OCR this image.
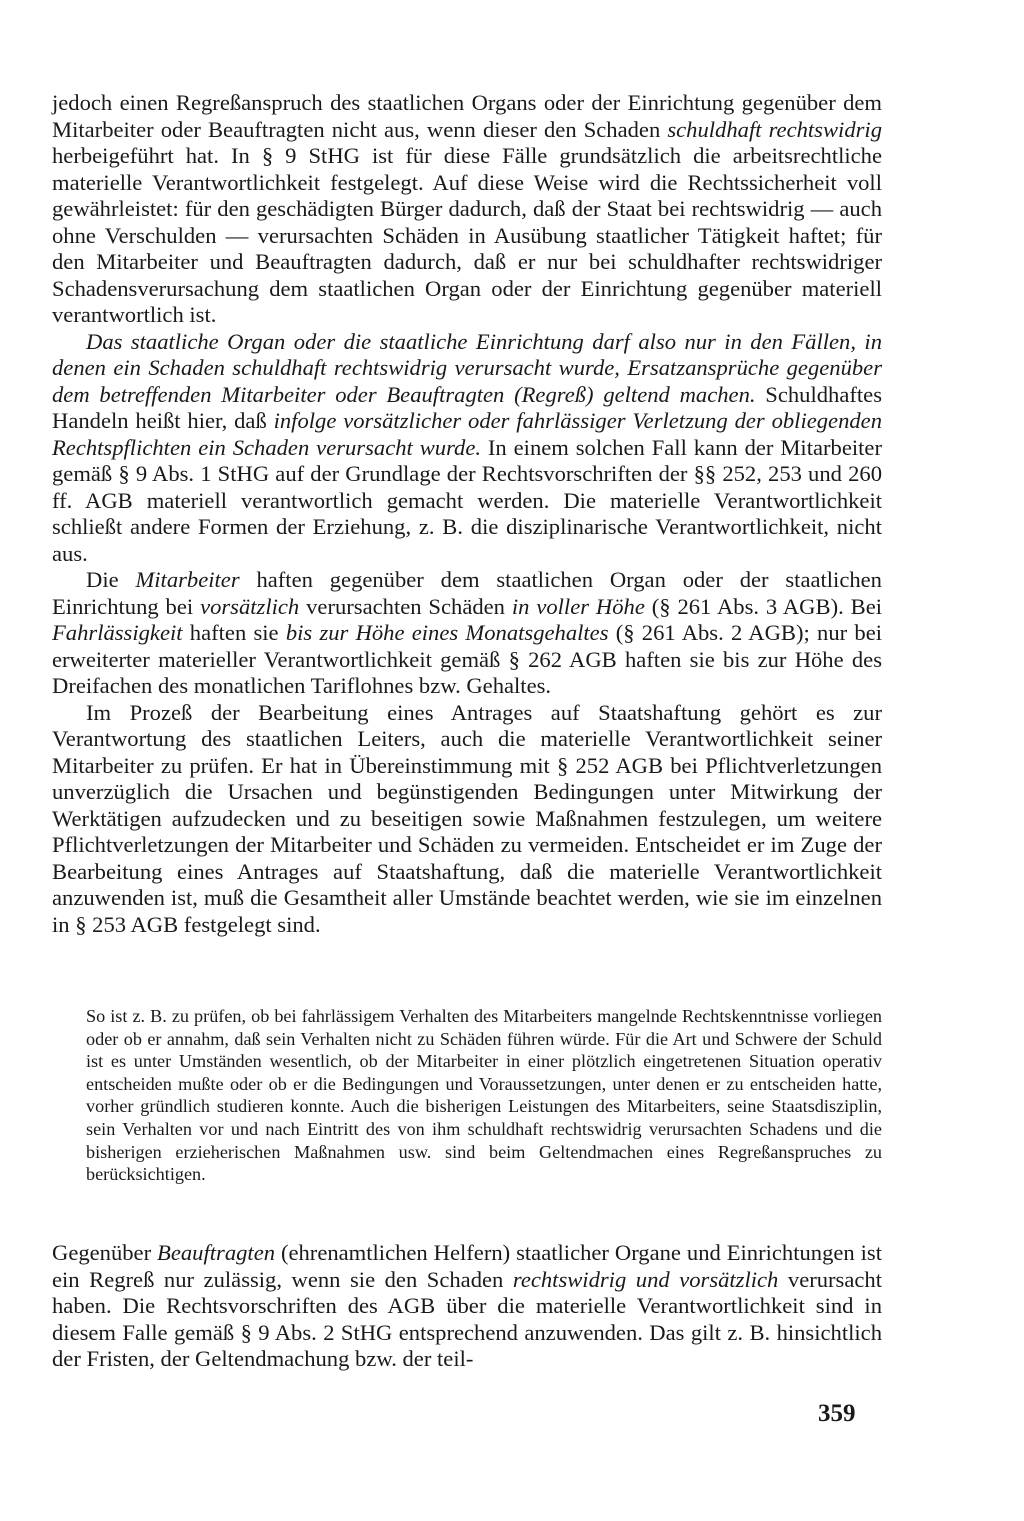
jedoch einen Regreßanspruch des staatlichen Organs oder der Einrichtung gegenüber dem Mitarbeiter oder Beauftragten nicht aus, wenn dieser den Schaden schuldhaft rechtswidrig herbeigeführt hat. In § 9 StHG ist für diese Fälle grundsätzlich die arbeitsrechtliche materielle Verantwortlichkeit festgelegt. Auf diese Weise wird die Rechtssicherheit voll gewährleistet: für den geschädigten Bürger dadurch, daß der Staat bei rechtswidrig — auch ohne Verschulden — verursachten Schäden in Ausübung staatlicher Tätigkeit haftet; für den Mitarbeiter und Beauftragten dadurch, daß er nur bei schuldhafter rechtswidriger Schadensverursachung dem staatlichen Organ oder der Einrichtung gegenüber materiell verantwortlich ist.

Das staatliche Organ oder die staatliche Einrichtung darf also nur in den Fällen, in denen ein Schaden schuldhaft rechtswidrig verursacht wurde, Ersatzansprüche gegenüber dem betreffenden Mitarbeiter oder Beauftragten (Regreß) geltend machen. Schuldhaftes Handeln heißt hier, daß infolge vorsätzlicher oder fahrlässiger Verletzung der obliegenden Rechtspflichten ein Schaden verursacht wurde. In einem solchen Fall kann der Mitarbeiter gemäß § 9 Abs. 1 StHG auf der Grundlage der Rechtsvorschriften der §§ 252, 253 und 260 ff. AGB materiell verantwortlich gemacht werden. Die materielle Verantwortlichkeit schließt andere Formen der Erziehung, z. B. die disziplinarische Verantwortlichkeit, nicht aus.

Die Mitarbeiter haften gegenüber dem staatlichen Organ oder der staatlichen Einrichtung bei vorsätzlich verursachten Schäden in voller Höhe (§ 261 Abs. 3 AGB). Bei Fahrlässigkeit haften sie bis zur Höhe eines Monatsgehaltes (§ 261 Abs. 2 AGB); nur bei erweiterter materieller Verantwortlichkeit gemäß § 262 AGB haften sie bis zur Höhe des Dreifachen des monatlichen Tariflohnes bzw. Gehaltes.

Im Prozeß der Bearbeitung eines Antrages auf Staatshaftung gehört es zur Verantwortung des staatlichen Leiters, auch die materielle Verantwortlichkeit seiner Mitarbeiter zu prüfen. Er hat in Übereinstimmung mit § 252 AGB bei Pflichtverletzungen unverzüglich die Ursachen und begünstigenden Bedingungen unter Mitwirkung der Werktätigen aufzudecken und zu beseitigen sowie Maßnahmen festzulegen, um weitere Pflichtverletzungen der Mitarbeiter und Schäden zu vermeiden. Entscheidet er im Zuge der Bearbeitung eines Antrages auf Staatshaftung, daß die materielle Verantwortlichkeit anzuwenden ist, muß die Gesamtheit aller Umstände beachtet werden, wie sie im einzelnen in § 253 AGB festgelegt sind.

So ist z. B. zu prüfen, ob bei fahrlässigem Verhalten des Mitarbeiters mangelnde Rechtskenntnisse vorliegen oder ob er annahm, daß sein Verhalten nicht zu Schäden führen würde. Für die Art und Schwere der Schuld ist es unter Umständen wesentlich, ob der Mitarbeiter in einer plötzlich eingetretenen Situation operativ entscheiden mußte oder ob er die Bedingungen und Voraussetzungen, unter denen er zu entscheiden hatte, vorher gründlich studieren konnte. Auch die bisherigen Leistungen des Mitarbeiters, seine Staatsdisziplin, sein Verhalten vor und nach Eintritt des von ihm schuldhaft rechtswidrig verursachten Schadens und die bisherigen erzieherischen Maßnahmen usw. sind beim Geltendmachen eines Regreßanspruches zu berücksichtigen.

Gegenüber Beauftragten (ehrenamtlichen Helfern) staatlicher Organe und Einrichtungen ist ein Regreß nur zulässig, wenn sie den Schaden rechtswidrig und vorsätzlich verursacht haben. Die Rechtsvorschriften des AGB über die materielle Verantwortlichkeit sind in diesem Falle gemäß § 9 Abs. 2 StHG entsprechend anzuwenden. Das gilt z. B. hinsichtlich der Fristen, der Geltendmachung bzw. der teil-

359
